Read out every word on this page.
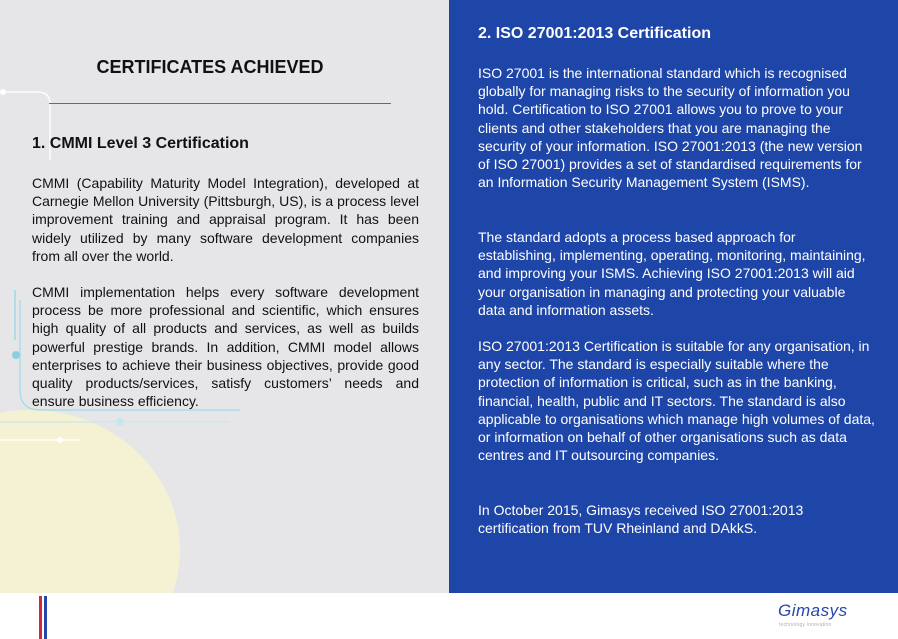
CERTIFICATES ACHIEVED
1. CMMI Level 3 Certification

CMMI (Capability Maturity Model Integration), developed at Carnegie Mellon University (Pittsburgh, US), is a process level improvement training and appraisal program. It has been widely utilized by many software development companies from all over the world.

CMMI implementation helps every software development process be more professional and scientific, which ensures high quality of all products and services, as well as builds powerful prestige brands. In addition, CMMI model allows enterprises to achieve their business objectives, provide good quality products/services, satisfy customers’ needs and ensure business efficiency.

2. ISO 27001:2013 Certification

ISO 27001 is the international standard which is recognised globally for managing risks to the security of information you hold. Certification to ISO 27001 allows you to prove to your clients and other stakeholders that you are managing the security of your information. ISO 27001:2013 (the new version of ISO 27001) provides a set of standardised requirements for an Information Security Management System (ISMS).

The standard adopts a process based approach for establishing, implementing, operating, monitoring, maintaining, and improving your ISMS. Achieving ISO 27001:2013 will aid your organisation in managing and protecting your valuable data and information assets.

ISO 27001:2013 Certification is suitable for any organisation, in any sector. The standard is especially suitable where the protection of information is critical, such as in the banking, financial, health, public and IT sectors. The standard is also applicable to organisations which manage high volumes of data, or information on behalf of other organisations such as data centres and IT outsourcing companies.

In October 2015, Gimasys received ISO 27001:2013 certification from TUV Rheinland and DAkkS.

Gimasys
technology innovation
